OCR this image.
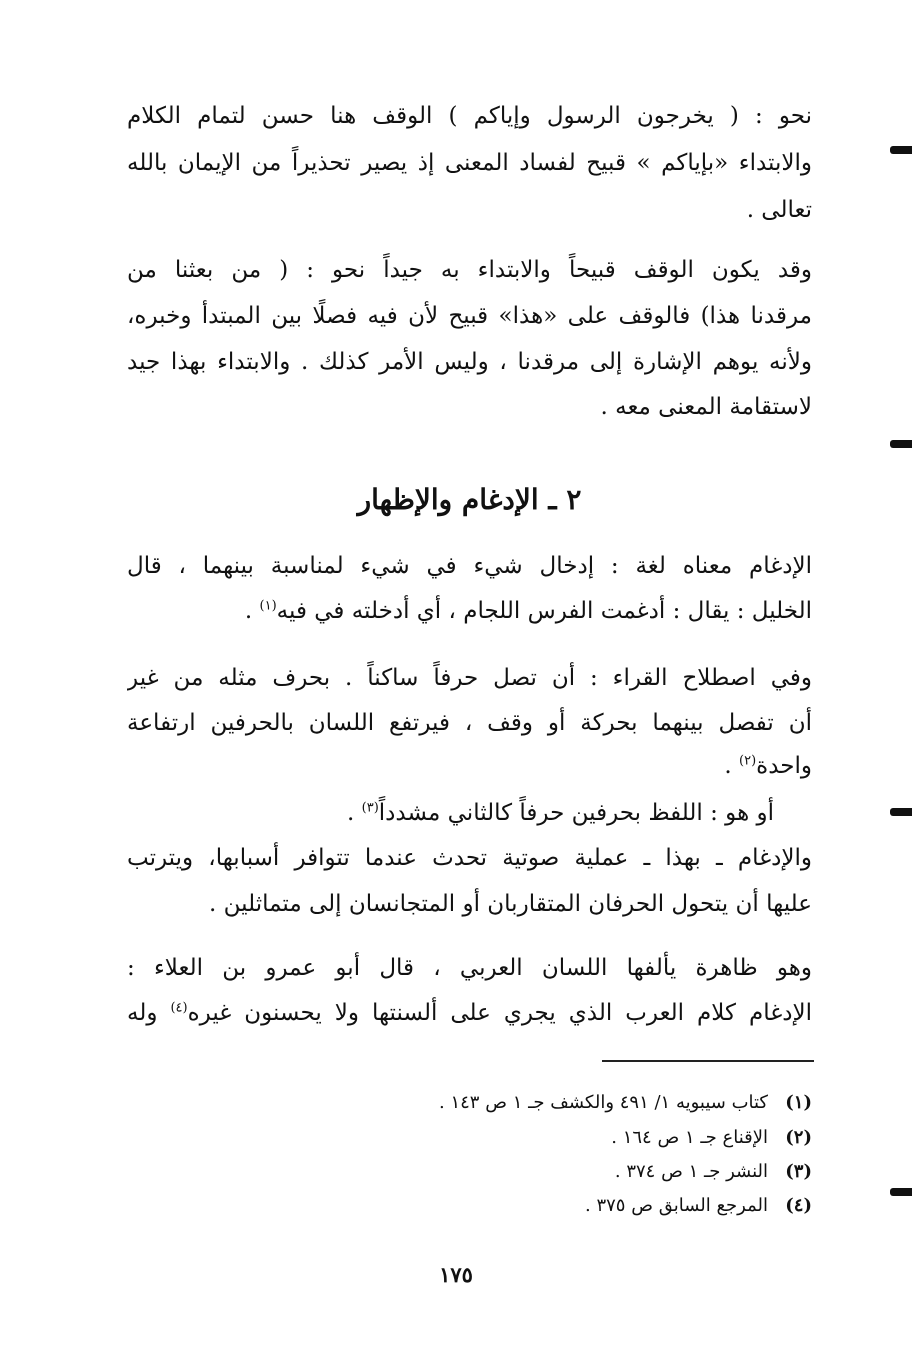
نحو : ( يخرجون الرسول وإياكم ) الوقف هنا حسن لتمام الكلام
والابتداء «بإياكم » قبيح لفساد المعنى إذ يصير تحذيراً من الإيمان بالله
تعالى .
وقد يكون الوقف قبيحاً والابتداء به جيداً نحو : ( من بعثنا من
مرقدنا هذا) فالوقف على «هذا» قبيح لأن فيه فصلًا بين المبتدأ وخبره،
ولأنه يوهم الإشارة إلى مرقدنا ، وليس الأمر كذلك . والابتداء بهذا جيد
لاستقامة المعنى معه .
٢ ـ الإدغام والإظهار
الإدغام معناه لغة : إدخال شيء في شيء لمناسبة بينهما ، قال
الخليل : يقال : أدغمت الفرس اللجام ، أي أدخلته في فيه$^{(١)}$ .
وفي اصطلاح القراء : أن تصل حرفاً ساكناً . بحرف مثله من غير
أن تفصل بينهما بحركة أو وقف ، فيرتفع اللسان بالحرفين ارتفاعة
واحدة$^{(٢)}$ .
أو هو : اللفظ بحرفين حرفاً كالثاني مشدداً$^{(٣)}$ .
والإدغام ـ بهذا ـ عملية صوتية تحدث عندما تتوافر أسبابها، ويترتب
عليها أن يتحول الحرفان المتقاربان أو المتجانسان إلى متماثلين .
وهو ظاهرة يألفها اللسان العربي ، قال أبو عمرو بن العلاء :
الإدغام كلام العرب الذي يجري على ألسنتها ولا يحسنون غيره$^{(٤)}$ وله
(١)كتاب سيبويه ١/ ٤٩١ والكشف جـ ١ ص ١٤٣ .
(٢)الإقناع جـ ١ ص ١٦٤ .
(٣)النشر جـ ١ ص ٣٧٤ .
(٤)المرجع السابق ص ٣٧٥ .
١٧٥
